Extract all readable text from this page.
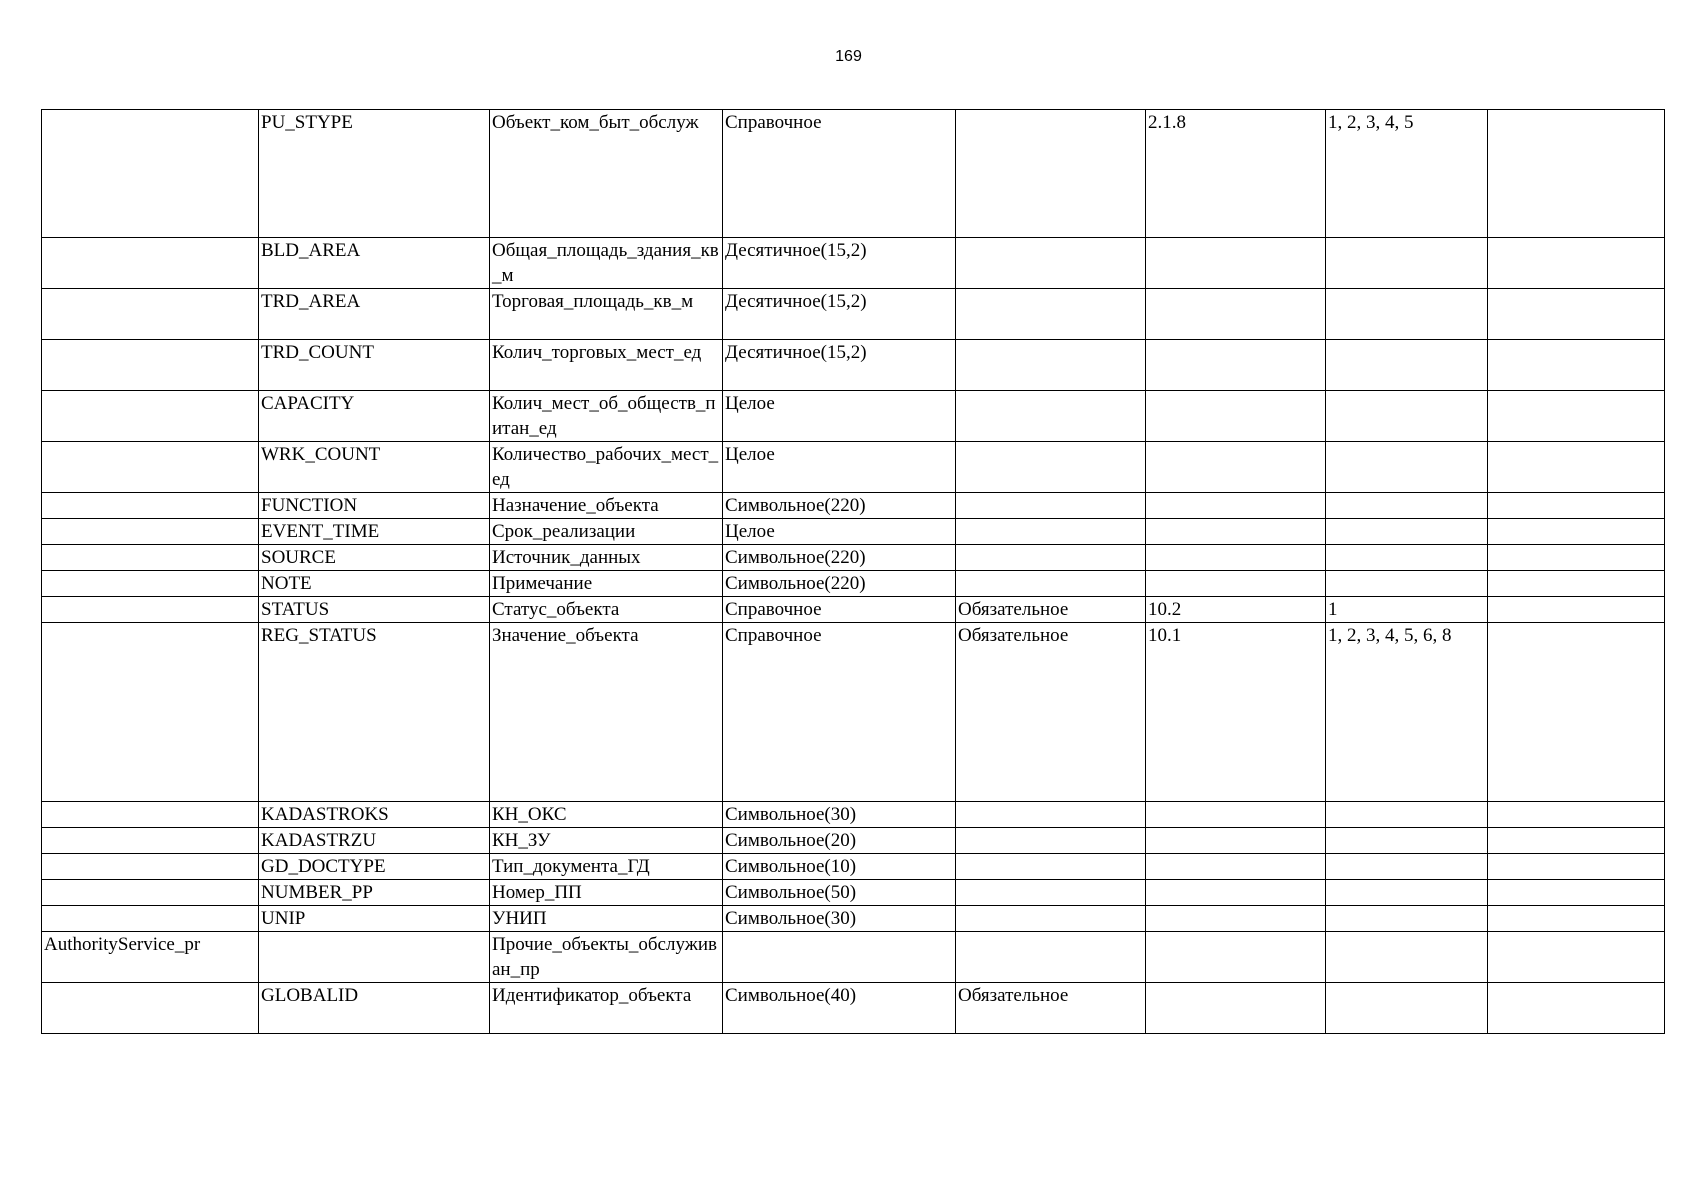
169
	PU_STYPE	Объект_ком_быт_обслуж	Справочное		2.1.8	1, 2, 3, 4, 5	
	BLD_AREA	Общая_площадь_здания_кв_м	Десятичное(15,2)				
	TRD_AREA	Торговая_площадь_кв_м	Десятичное(15,2)				
	TRD_COUNT	Колич_торговых_мест_ед	Десятичное(15,2)				
	CAPACITY	Колич_мест_об_обществ_питан_ед	Целое				
	WRK_COUNT	Количество_рабочих_мест_ед	Целое				
	FUNCTION	Назначение_объекта	Символьное(220)				
	EVENT_TIME	Срок_реализации	Целое				
	SOURCE	Источник_данных	Символьное(220)				
	NOTE	Примечание	Символьное(220)				
	STATUS	Статус_объекта	Справочное	Обязательное	10.2	1	
	REG_STATUS	Значение_объекта	Справочное	Обязательное	10.1	1, 2, 3, 4, 5, 6, 8	
	KADASTROKS	КН_ОКС	Символьное(30)				
	KADASTRZU	КН_ЗУ	Символьное(20)				
	GD_DOCTYPE	Тип_документа_ГД	Символьное(10)				
	NUMBER_PP	Номер_ПП	Символьное(50)				
	UNIP	УНИП	Символьное(30)				
AuthorityService_pr		Прочие_объекты_обслуживан_пр					
	GLOBALID	Идентификатор_объекта	Символьное(40)	Обязательное			
